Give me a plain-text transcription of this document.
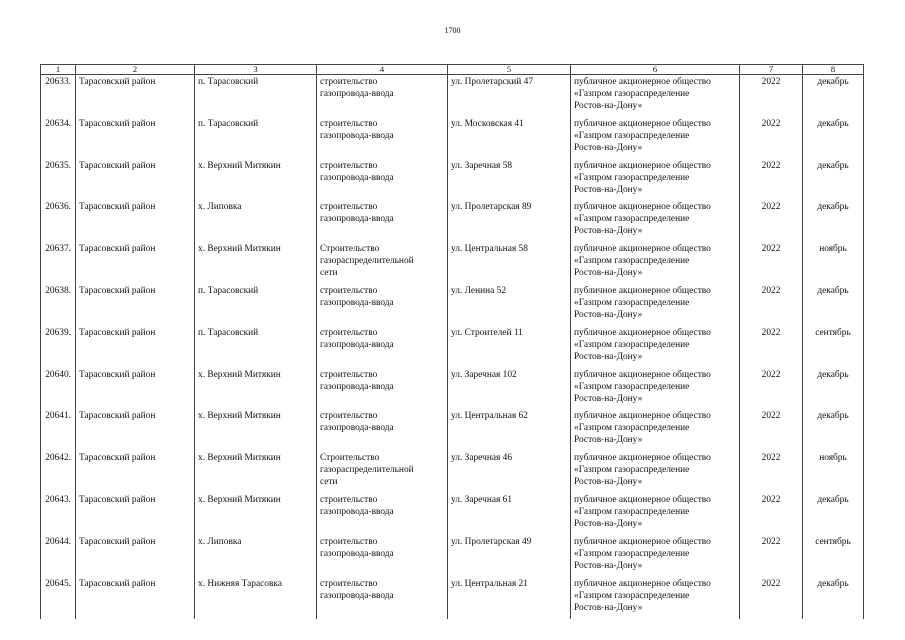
1700
1	2	3	4	5	6	7	8
20633.	Тарасовский район	п. Тарасовский	строительство
газопровода-ввода	ул. Пролетарский 47	публичное акционерное общество
«Газпром газораспределение
Ростов-на-Дону»	2022	декабрь
20634.	Тарасовский район	п. Тарасовский	строительство
газопровода-ввода	ул. Московская 41	публичное акционерное общество
«Газпром газораспределение
Ростов-на-Дону»	2022	декабрь
20635.	Тарасовский район	х. Верхний Митякин	строительство
газопровода-ввода	ул. Заречная 58	публичное акционерное общество
«Газпром газораспределение
Ростов-на-Дону»	2022	декабрь
20636.	Тарасовский район	х. Липовка	строительство
газопровода-ввода	ул. Пролетарская 89	публичное акционерное общество
«Газпром газораспределение
Ростов-на-Дону»	2022	декабрь
20637.	Тарасовский район	х. Верхний Митякин	Строительство
газораспределительной
сети	ул. Центральная 58	публичное акционерное общество
«Газпром газораспределение
Ростов-на-Дону»	2022	ноябрь
20638.	Тарасовский район	п. Тарасовский	строительство
газопровода-ввода	ул. Ленина 52	публичное акционерное общество
«Газпром газораспределение
Ростов-на-Дону»	2022	декабрь
20639.	Тарасовский район	п. Тарасовский	строительство
газопровода-ввода	ул. Строителей 11	публичное акционерное общество
«Газпром газораспределение
Ростов-на-Дону»	2022	сентябрь
20640.	Тарасовский район	х. Верхний Митякин	строительство
газопровода-ввода	ул. Заречная 102	публичное акционерное общество
«Газпром газораспределение
Ростов-на-Дону»	2022	декабрь
20641.	Тарасовский район	х. Верхний Митякин	строительство
газопровода-ввода	ул. Центральная 62	публичное акционерное общество
«Газпром газораспределение
Ростов-на-Дону»	2022	декабрь
20642.	Тарасовский район	х. Верхний Митякин	Строительство
газораспределительной
сети	ул. Заречная 46	публичное акционерное общество
«Газпром газораспределение
Ростов-на-Дону»	2022	ноябрь
20643.	Тарасовский район	х. Верхний Митякин	строительство
газопровода-ввода	ул. Заречная 61	публичное акционерное общество
«Газпром газораспределение
Ростов-на-Дону»	2022	декабрь
20644.	Тарасовский район	х. Липовка	строительство
газопровода-ввода	ул. Пролетарская 49	публичное акционерное общество
«Газпром газораспределение
Ростов-на-Дону»	2022	сентябрь
20645.	Тарасовский район	х. Нижняя Тарасовка	строительство
газопровода-ввода	ул. Центральная 21	публичное акционерное общество
«Газпром газораспределение
Ростов-на-Дону»	2022	декабрь
